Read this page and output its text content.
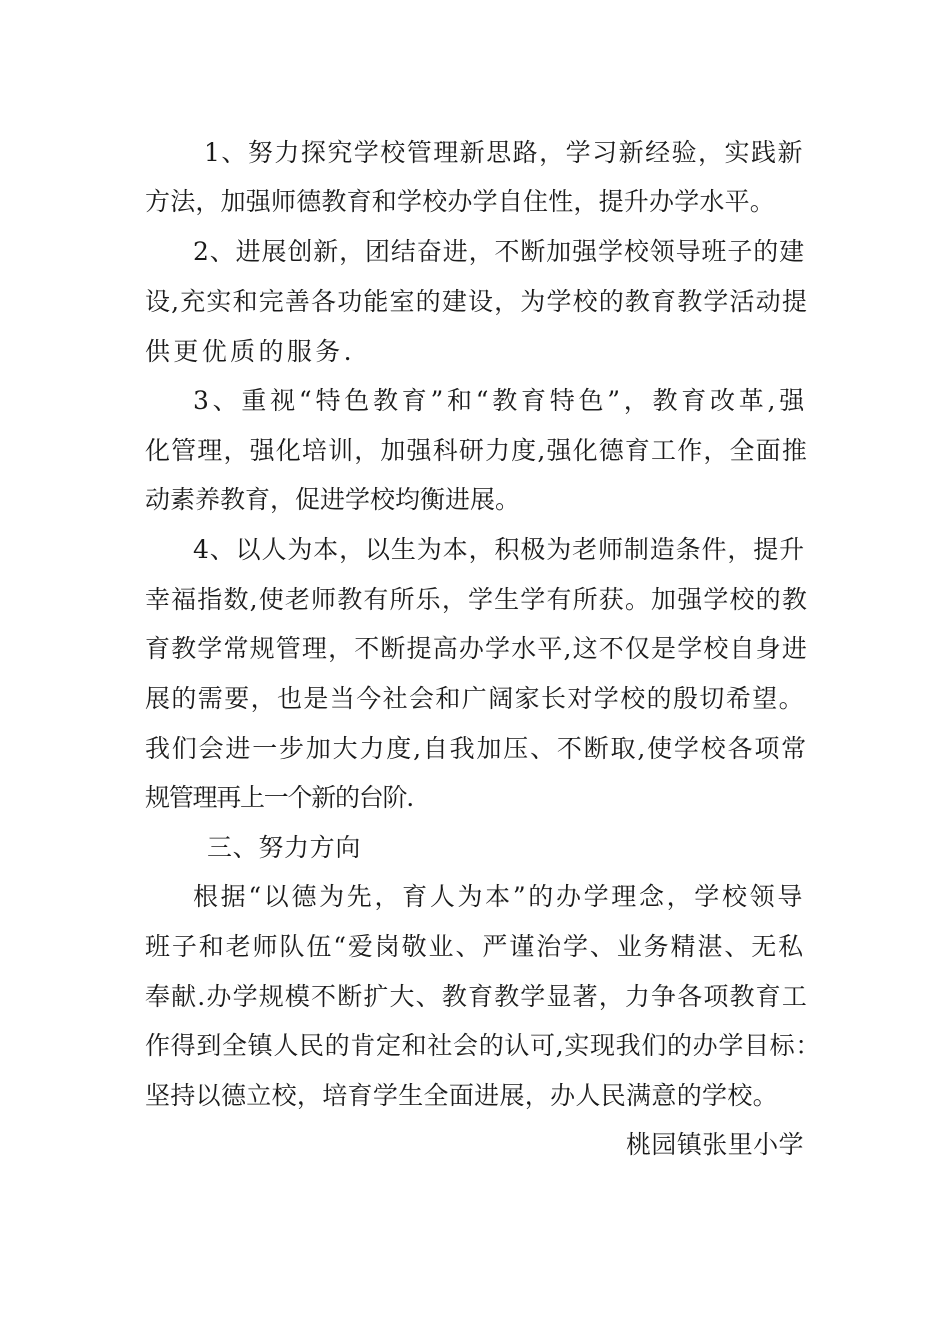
1、努力探究学校管理新思路，学习新经验，实践新
方法，加强师德教育和学校办学自住性，提升办学水平。
2、进展创新，团结奋进，不断加强学校领导班子的建
设,充实和完善各功能室的建设，为学校的教育教学活动提
供更优质的服务.
3、重视“特色教育”和“教育特色”，教育改革,强
化管理，强化培训，加强科研力度,强化德育工作，全面推
动素养教育，促进学校均衡进展。
4、以人为本，以生为本，积极为老师制造条件，提升
幸福指数,使老师教有所乐，学生学有所获。加强学校的教
育教学常规管理，不断提高办学水平,这不仅是学校自身进
展的需要，也是当今社会和广阔家长对学校的殷切希望。
我们会进一步加大力度,自我加压、不断取,使学校各项常
规管理再上一个新的台阶.
三、努力方向
根据“以德为先，育人为本”的办学理念，学校领导
班子和老师队伍“爱岗敬业、严谨治学、业务精湛、无私
奉献.办学规模不断扩大、教育教学显著，力争各项教育工
作得到全镇人民的肯定和社会的认可,实现我们的办学目标：
坚持以德立校，培育学生全面进展，办人民满意的学校。
桃园镇张里小学
